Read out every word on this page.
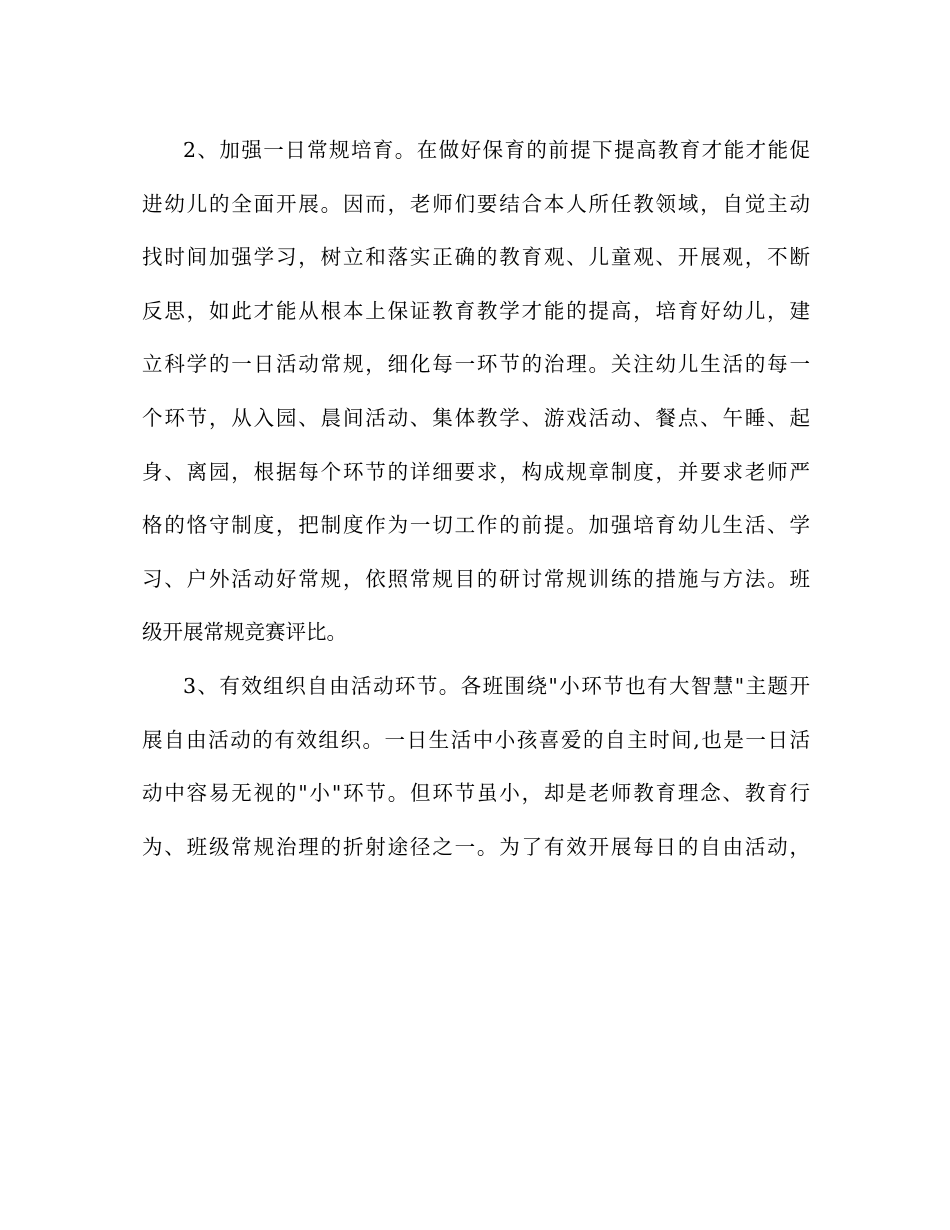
2、加强一日常规培育。在做好保育的前提下提高教育才能才能促
进幼儿的全面开展。因而，老师们要结合本人所任教领域，自觉主动
找时间加强学习，树立和落实正确的教育观、儿童观、开展观，不断
反思，如此才能从根本上保证教育教学才能的提高，培育好幼儿，建
立科学的一日活动常规，细化每一环节的治理。关注幼儿生活的每一
个环节，从入园、晨间活动、集体教学、游戏活动、餐点、午睡、起
身、离园，根据每个环节的详细要求，构成规章制度，并要求老师严
格的恪守制度，把制度作为一切工作的前提。加强培育幼儿生活、学
习、户外活动好常规，依照常规目的研讨常规训练的措施与方法。班
级开展常规竞赛评比。
3、有效组织自由活动环节。各班围绕"小环节也有大智慧"主题开
展自由活动的有效组织。一日生活中小孩喜爱的自主时间,也是一日活
动中容易无视的"小"环节。但环节虽小，却是老师教育理念、教育行
为、班级常规治理的折射途径之一。为了有效开展每日的自由活动，
